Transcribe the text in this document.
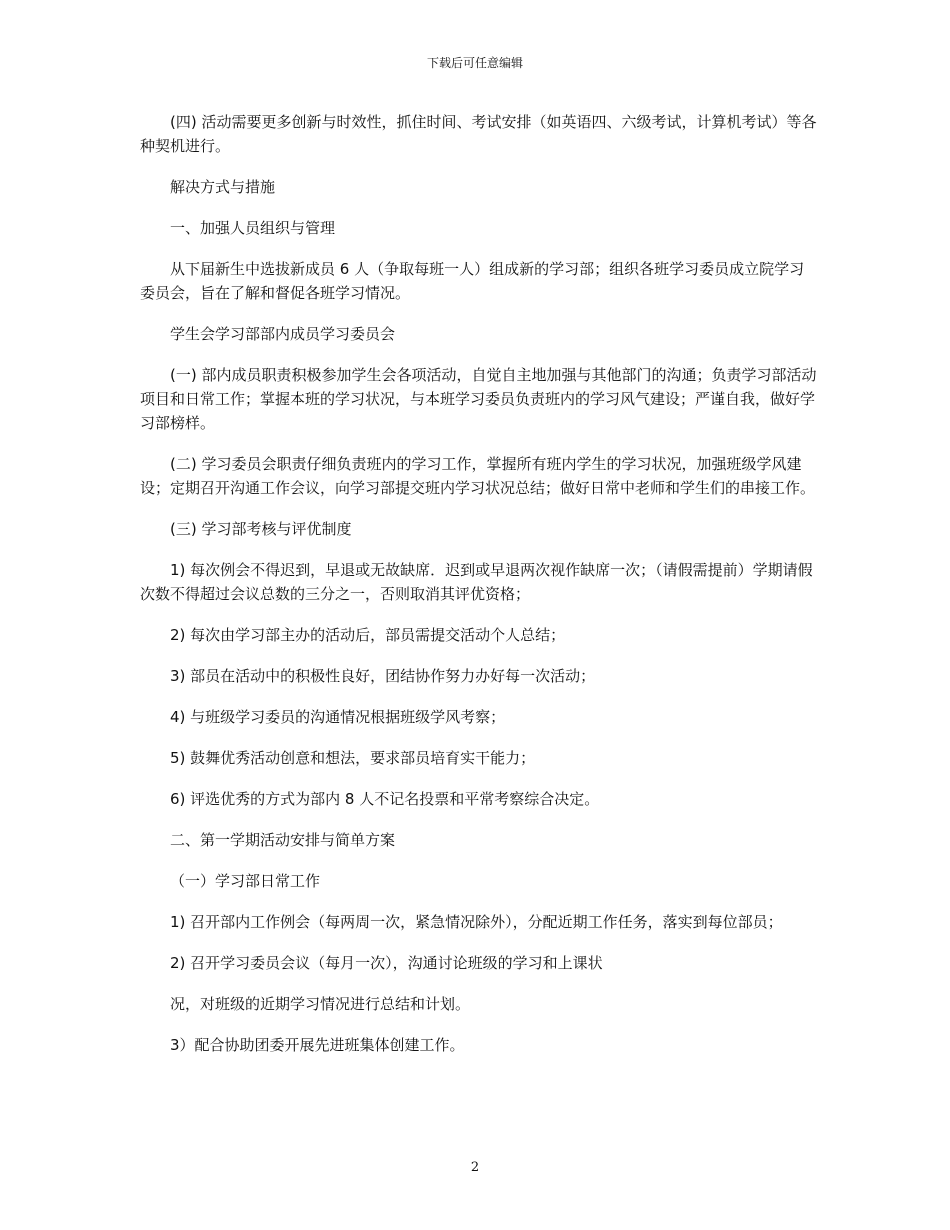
下载后可任意编辑

(四) 活动需要更多创新与时效性，抓住时间、考试安排（如英语四、六级考试，计算机考试）等各种契机进行。

解决方式与措施

一、加强人员组织与管理

从下届新生中选拔新成员 6 人（争取每班一人）组成新的学习部；组织各班学习委员成立院学习委员会，旨在了解和督促各班学习情况。

学生会学习部部内成员学习委员会

(一) 部内成员职责积极参加学生会各项活动，自觉自主地加强与其他部门的沟通；负责学习部活动项目和日常工作；掌握本班的学习状况，与本班学习委员负责班内的学习风气建设；严谨自我，做好学习部榜样。

(二) 学习委员会职责仔细负责班内的学习工作，掌握所有班内学生的学习状况，加强班级学风建设；定期召开沟通工作会议，向学习部提交班内学习状况总结；做好日常中老师和学生们的串接工作。

(三) 学习部考核与评优制度

1) 每次例会不得迟到，早退或无故缺席．迟到或早退两次视作缺席一次；（请假需提前）学期请假次数不得超过会议总数的三分之一，否则取消其评优资格；

2) 每次由学习部主办的活动后，部员需提交活动个人总结；

3) 部员在活动中的积极性良好，团结协作努力办好每一次活动；

4) 与班级学习委员的沟通情况根据班级学风考察；

5) 鼓舞优秀活动创意和想法，要求部员培育实干能力；

6) 评选优秀的方式为部内 8 人不记名投票和平常考察综合决定。

二、第一学期活动安排与简单方案

（一）学习部日常工作

1) 召开部内工作例会（每两周一次，紧急情况除外），分配近期工作任务，落实到每位部员；

2) 召开学习委员会议（每月一次），沟通讨论班级的学习和上课状

况，对班级的近期学习情况进行总结和计划。

3）配合协助团委开展先进班集体创建工作。

2
